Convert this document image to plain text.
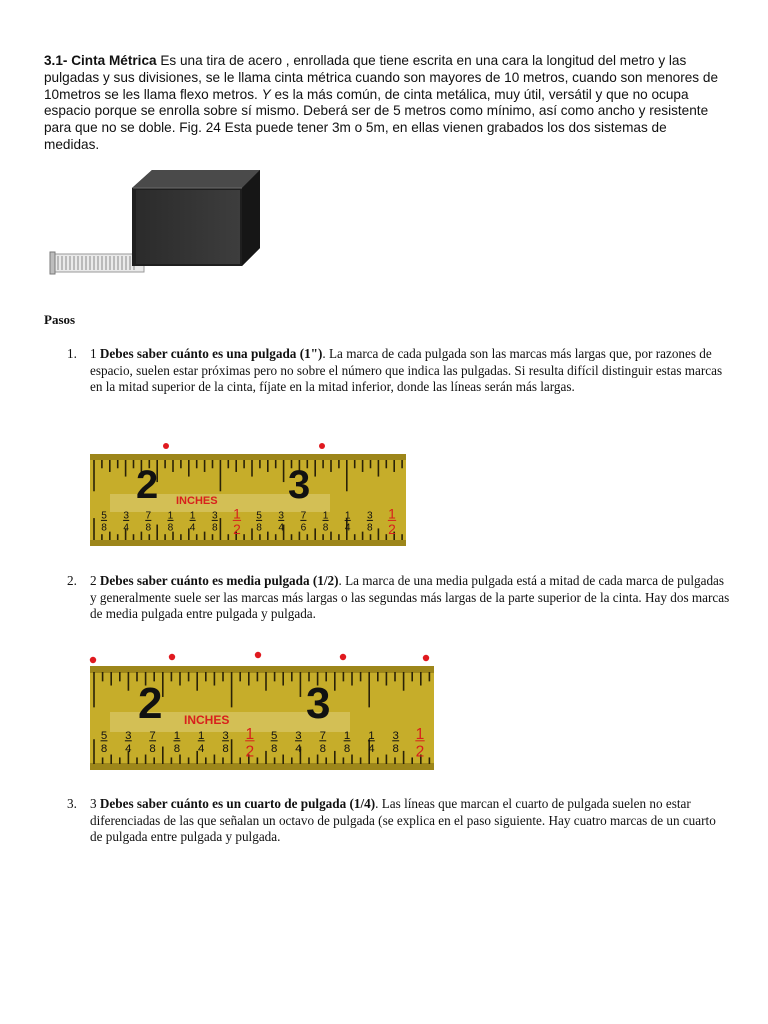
3.1- Cinta Métrica Es una tira de acero , enrollada que tiene escrita en una cara la longitud del metro y las pulgadas y sus divisiones, se le llama cinta métrica cuando son mayores de 10 metros, cuando son menores de 10metros se les llama flexo metros. Y es la más común, de cinta metálica, muy útil, versátil y que no ocupa espacio porque se enrolla sobre sí mismo. Deberá ser de 5 metros como mínimo, así como ancho y resistente para que no se doble. Fig. 24 Esta puede tener 3m o 5m, en ellas vienen grabados los dos sistemas de medidas.

Pasos

1. 1 Debes saber cuánto es una pulgada (1"). La marca de cada pulgada son las marcas más largas que, por razones de espacio, suelen estar próximas pero no sobre el número que indica las pulgadas. Si resulta difícil distinguir estas marcas en la mitad superior de la cinta, fíjate en la mitad inferior, donde las líneas serán más largas.
2	3
INCHES
5
8
3
4
7
8
1
8
1
4
3
8
1
2
5
8
3
4
7
6
1
8
1
4
3
8
1
2
2. 2 Debes saber cuánto es media pulgada (1/2). La marca de una media pulgada está a mitad de cada marca de pulgadas y generalmente suele ser las marcas más largas o las segundas más largas de la parte superior de la cinta. Hay dos marcas de media pulgada entre pulgada y pulgada.
2	3
INCHES
5
8
3
4
7
8
1
8
1
4
3
8
1
2
5
8
3
4
7
8
1
8
1
4
3
8
1
2
3. 3 Debes saber cuánto es un cuarto de pulgada (1/4). Las líneas que marcan el cuarto de pulgada suelen no estar diferenciadas de las que señalan un octavo de pulgada (se explica en el paso siguiente. Hay cuatro marcas de un cuarto de pulgada entre pulgada y pulgada.
